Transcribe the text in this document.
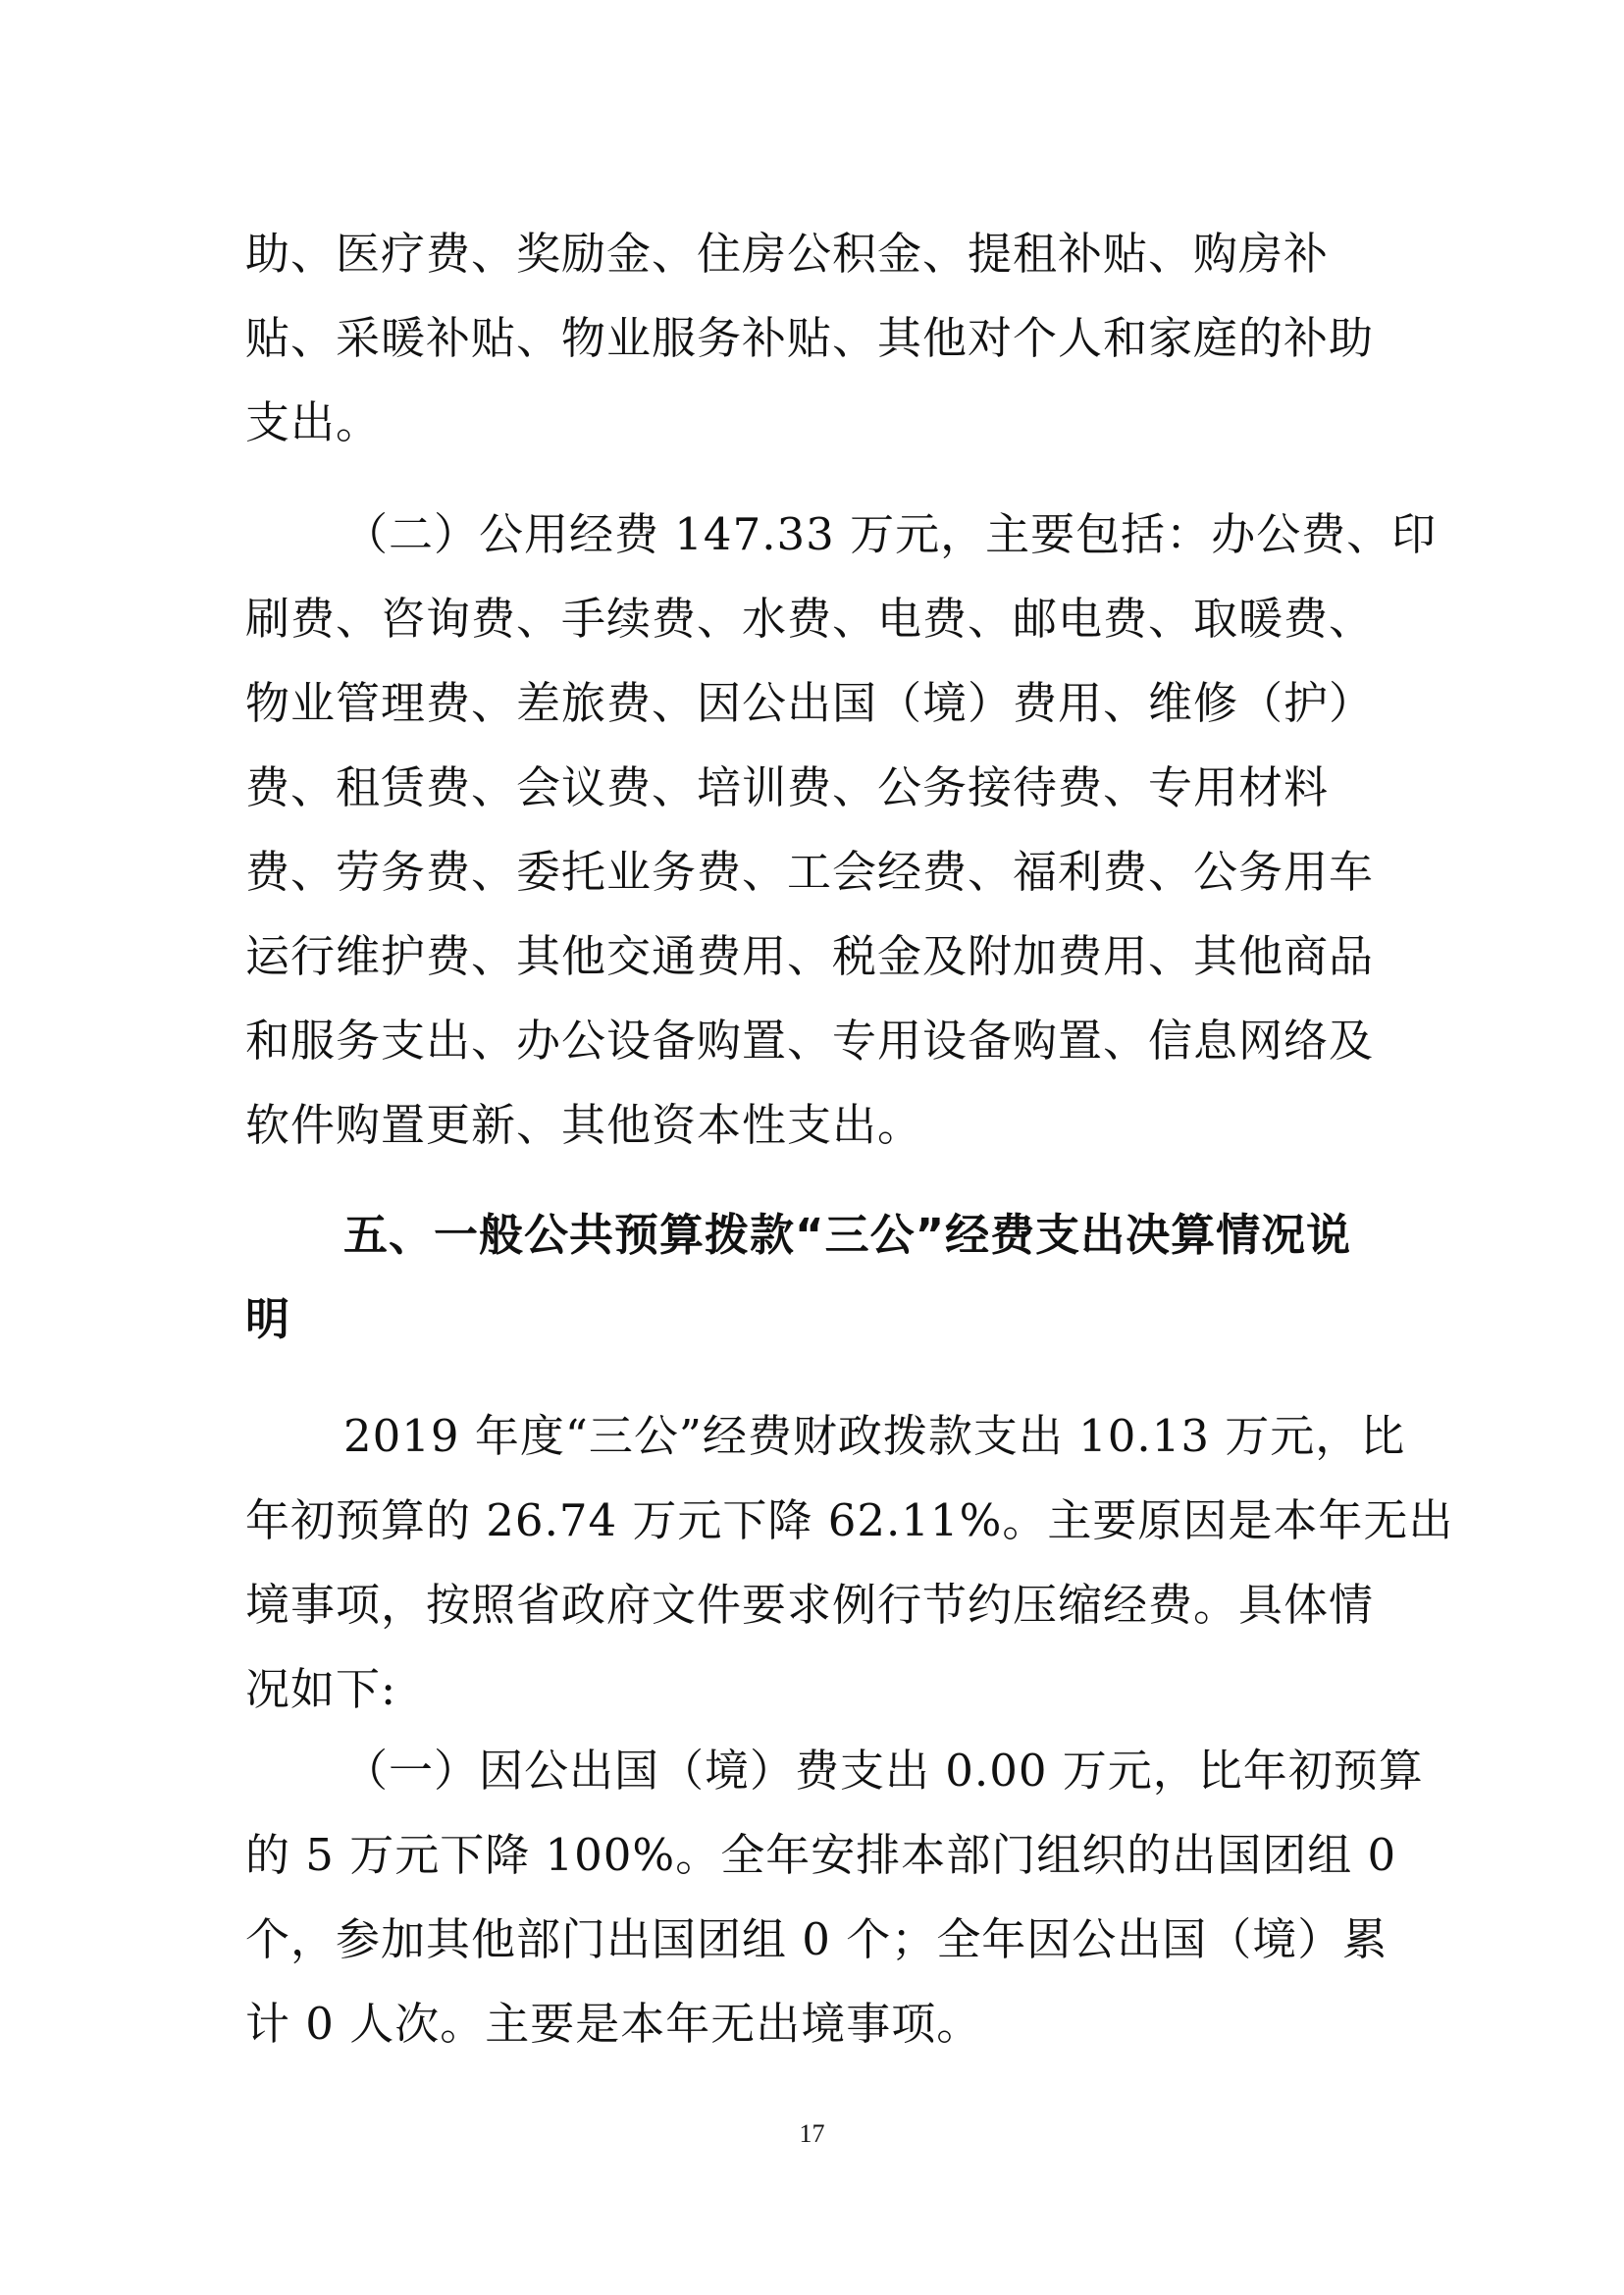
助、医疗费、奖励金、住房公积金、提租补贴、购房补
贴、采暖补贴、物业服务补贴、其他对个人和家庭的补助
支出。
（二）公用经费 147.33 万元，主要包括：办公费、印
刷费、咨询费、手续费、水费、电费、邮电费、取暖费、
物业管理费、差旅费、因公出国（境）费用、维修（护）
费、租赁费、会议费、培训费、公务接待费、专用材料
费、劳务费、委托业务费、工会经费、福利费、公务用车
运行维护费、其他交通费用、税金及附加费用、其他商品
和服务支出、办公设备购置、专用设备购置、信息网络及
软件购置更新、其他资本性支出。
五、一般公共预算拨款“三公”经费支出决算情况说
明
2019 年度“三公”经费财政拨款支出 10.13 万元，比
年初预算的 26.74 万元下降 62.11%。主要原因是本年无出
境事项，按照省政府文件要求例行节约压缩经费。具体情
况如下:
（一）因公出国（境）费支出 0.00 万元，比年初预算
的 5 万元下降 100%。全年安排本部门组织的出国团组 0
个，参加其他部门出国团组 0 个；全年因公出国（境）累
计 0 人次。主要是本年无出境事项。
17
